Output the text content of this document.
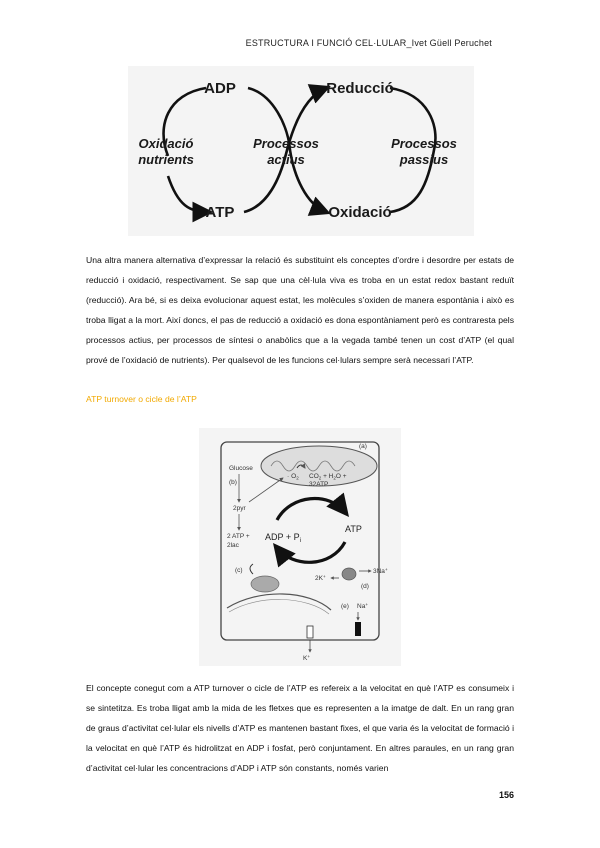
ESTRUCTURA I FUNCIÓ CEL·LULAR_Ivet Güell Peruchet
ADP
ATP
Oxidació
nutrients
Processos
actius
Reducció
Oxidació
Processos
passius

Una altra manera alternativa d’expressar la relació és substituint els conceptes d’ordre i desordre per estats de reducció i oxidació, respectivament. Se sap que una cèl·lula viva es troba en un estat redox bastant reduït (reducció). Ara bé, si es deixa evolucionar aquest estat, les molècules s’oxiden de manera espontània i això es troba lligat a la mort. Així doncs, el pas de reducció a oxidació es dona espontàniament però es contraresta pels processos actius, per processos de síntesi o anabòlics que a la vegada també tenen un cost d’ATP (el qual prové de l’oxidació de nutrients). Per qualsevol de les funcions cel·lulars sempre serà necessari l’ATP.

ATP turnover o cicle de l’ATP
(a)
Glucose
(b)
2pyr
2 ATP +
2lac
· $O_2$ $CO_2 + H_2O$ +
32ATP
ATP
ADP + $P_i$
(c)	3Na+
2K+
(d)
(e) Na+
K+

El concepte conegut com a ATP turnover o cicle de l’ATP es refereix a la velocitat en què l’ATP es consumeix i se sintetitza. Es troba lligat amb la mida de les fletxes que es representen a la imatge de dalt. En un rang gran de graus d’activitat cel·lular els nivells d’ATP es mantenen bastant fixes, el que varia és la velocitat de formació i la velocitat en què l’ATP és hidrolitzat en ADP i fosfat, però conjuntament. En altres paraules, en un rang gran d’activitat cel·lular les concentracions d’ADP i ATP són constants, només varien

156
